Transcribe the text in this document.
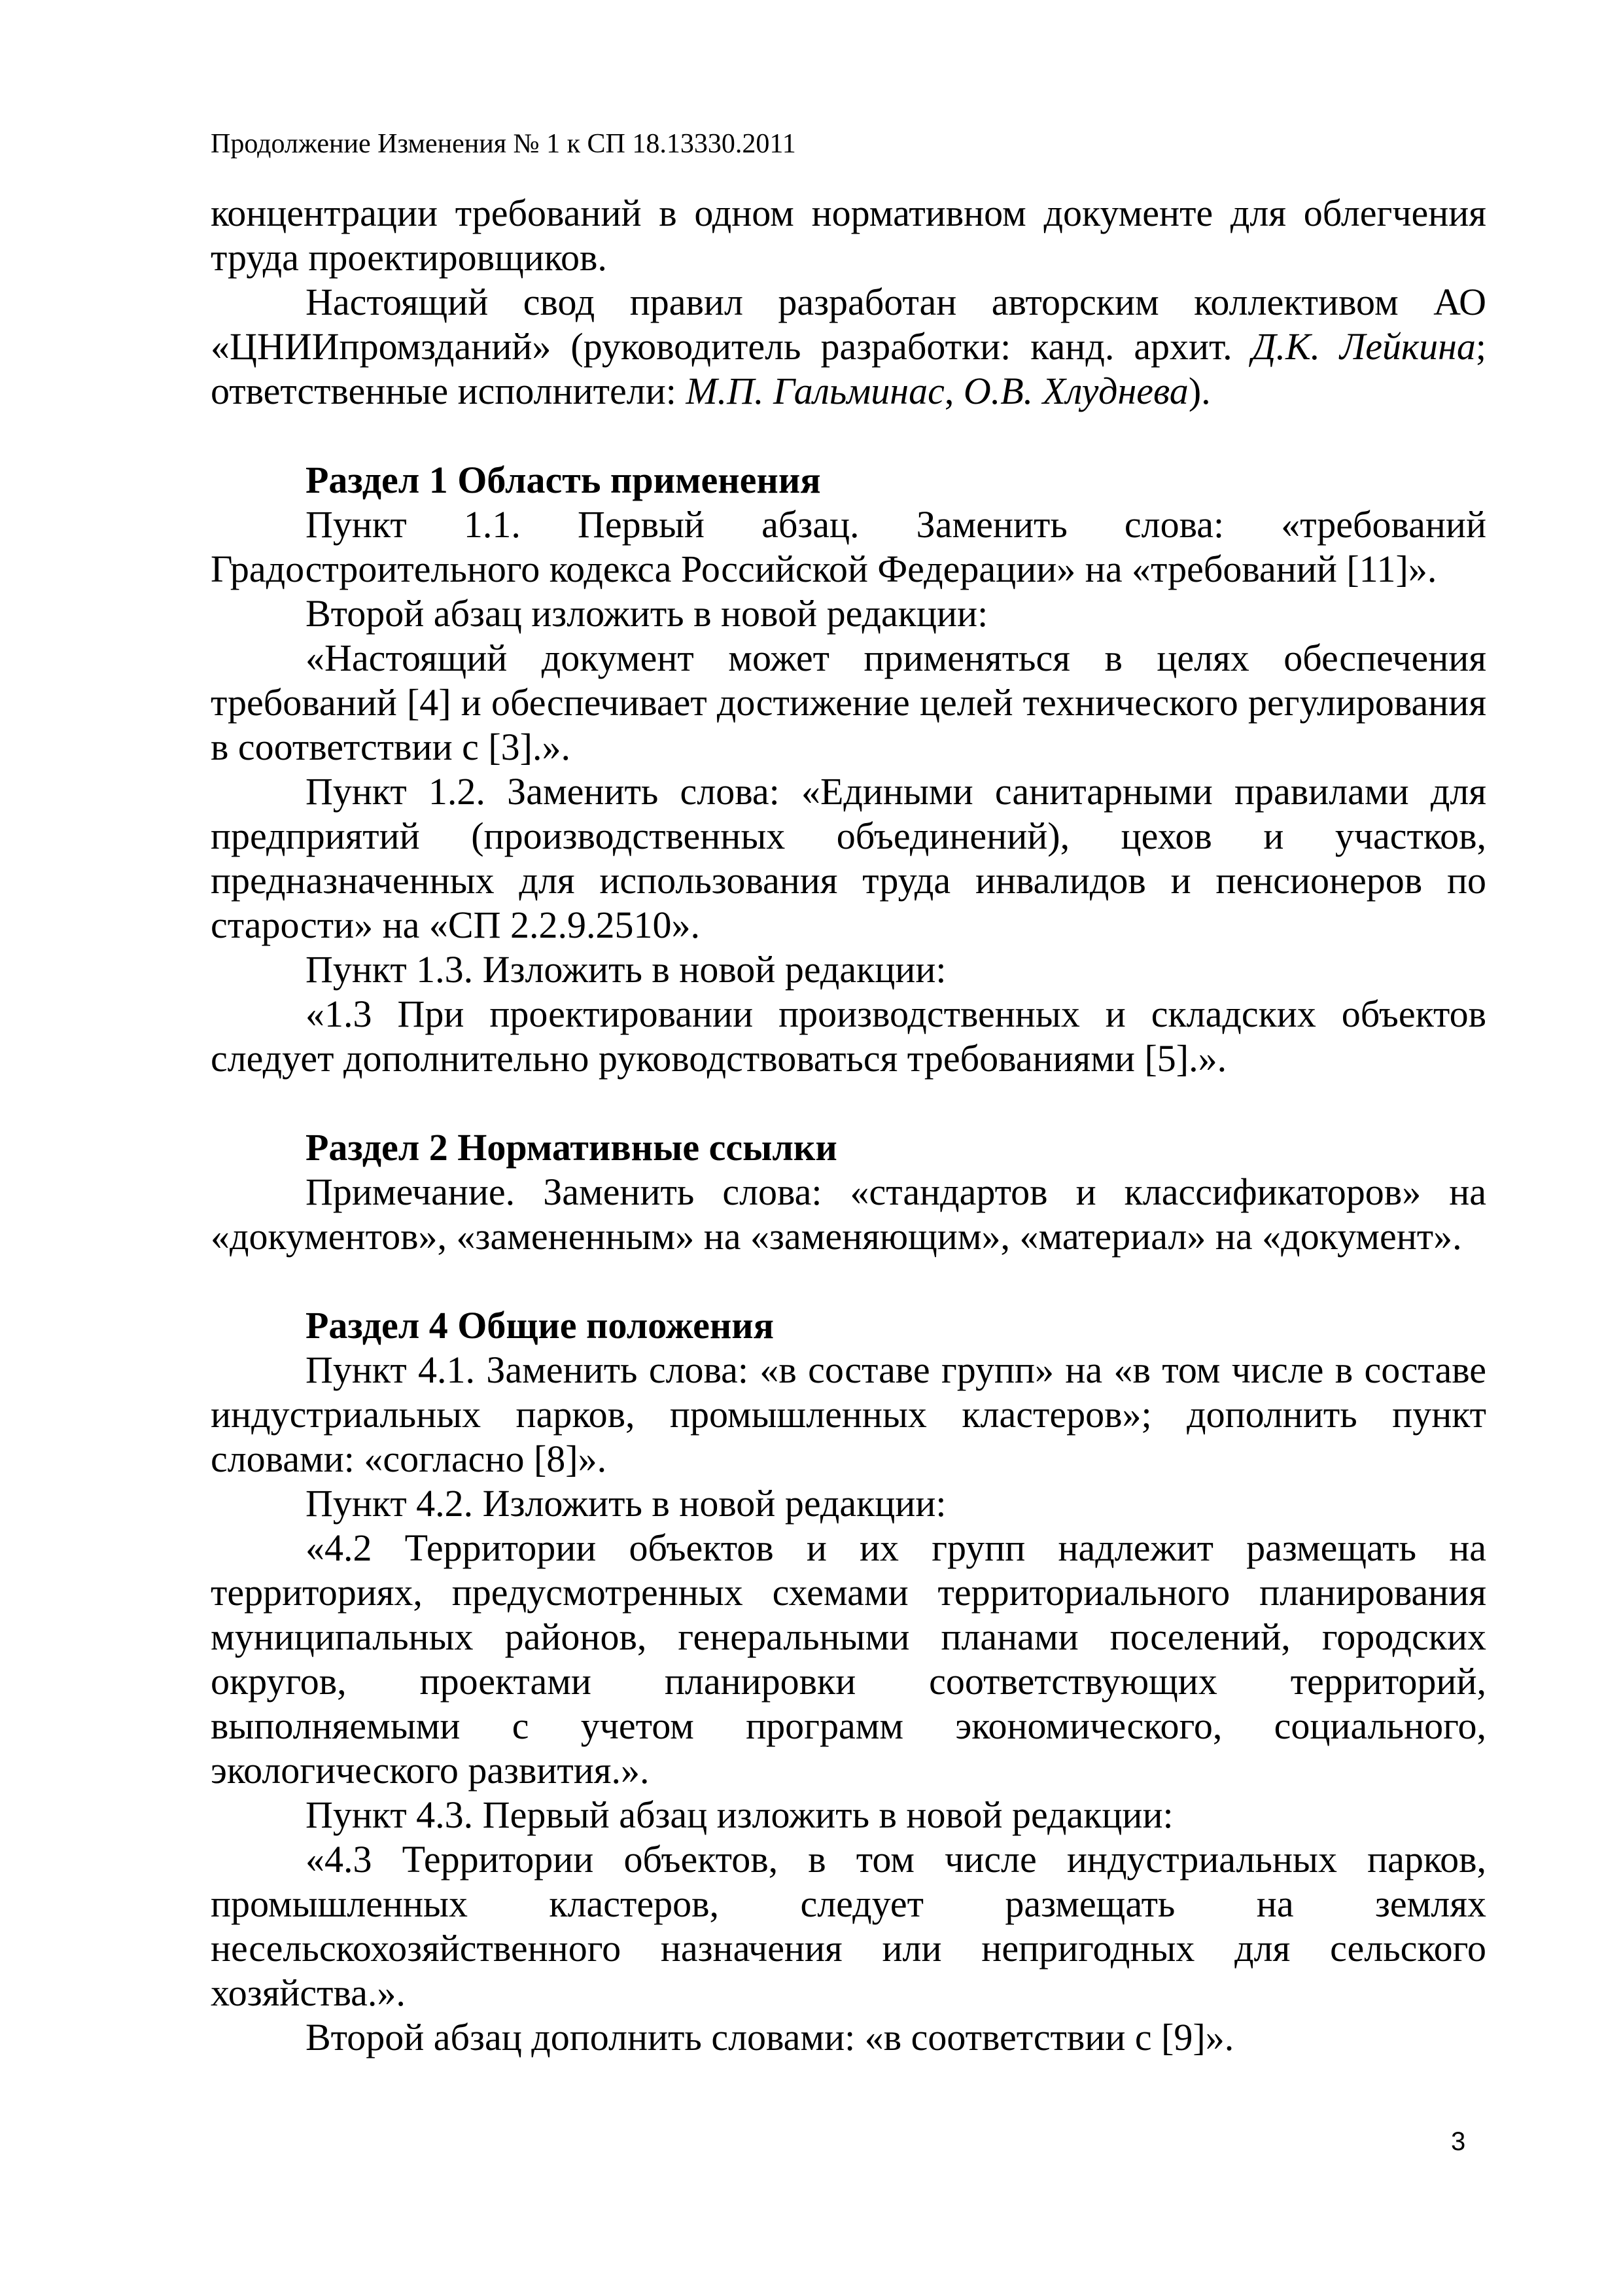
Продолжение Изменения № 1 к СП 18.13330.2011

концентрации требований в одном нормативном документе для облегчения труда проектировщиков.

Настоящий свод правил разработан авторским коллективом АО «ЦНИИпромзданий» (руководитель разработки: канд. архит. Д.К. Лейкина; ответственные исполнители: М.П. Гальминас, О.В. Хлуднева).

Раздел 1 Область применения

Пункт 1.1. Первый абзац. Заменить слова: «требований Градостроительного кодекса Российской Федерации» на «требований [11]».

Второй абзац изложить в новой редакции:

«Настоящий документ может применяться в целях обеспечения требований [4] и обеспечивает достижение целей технического регулирования в соответствии с [3].».

Пункт 1.2. Заменить слова: «Едиными санитарными правилами для предприятий (производственных объединений), цехов и участков, предназначенных для использования труда инвалидов и пенсионеров по старости» на «СП 2.2.9.2510».

Пункт 1.3. Изложить в новой редакции:

«1.3 При проектировании производственных и складских объектов следует дополнительно руководствоваться требованиями [5].».

Раздел 2 Нормативные ссылки

Примечание. Заменить слова: «стандартов и классификаторов» на «документов», «замененным» на «заменяющим», «материал» на «документ».

Раздел 4 Общие положения

Пункт 4.1. Заменить слова: «в составе групп» на «в том числе в составе индустриальных парков, промышленных кластеров»; дополнить пункт словами: «согласно [8]».

Пункт 4.2. Изложить в новой редакции:

«4.2 Территории объектов и их групп надлежит размещать на территориях, предусмотренных схемами территориального планирования муниципальных районов, генеральными планами поселений, городских округов, проектами планировки соответствующих территорий, выполняемыми с учетом программ экономического, социального, экологического развития.».

Пункт 4.3. Первый абзац изложить в новой редакции:

«4.3 Территории объектов, в том числе индустриальных парков, промышленных кластеров, следует размещать на землях несельскохозяйственного назначения или непригодных для сельского хозяйства.».

Второй абзац дополнить словами: «в соответствии с [9]».

3
